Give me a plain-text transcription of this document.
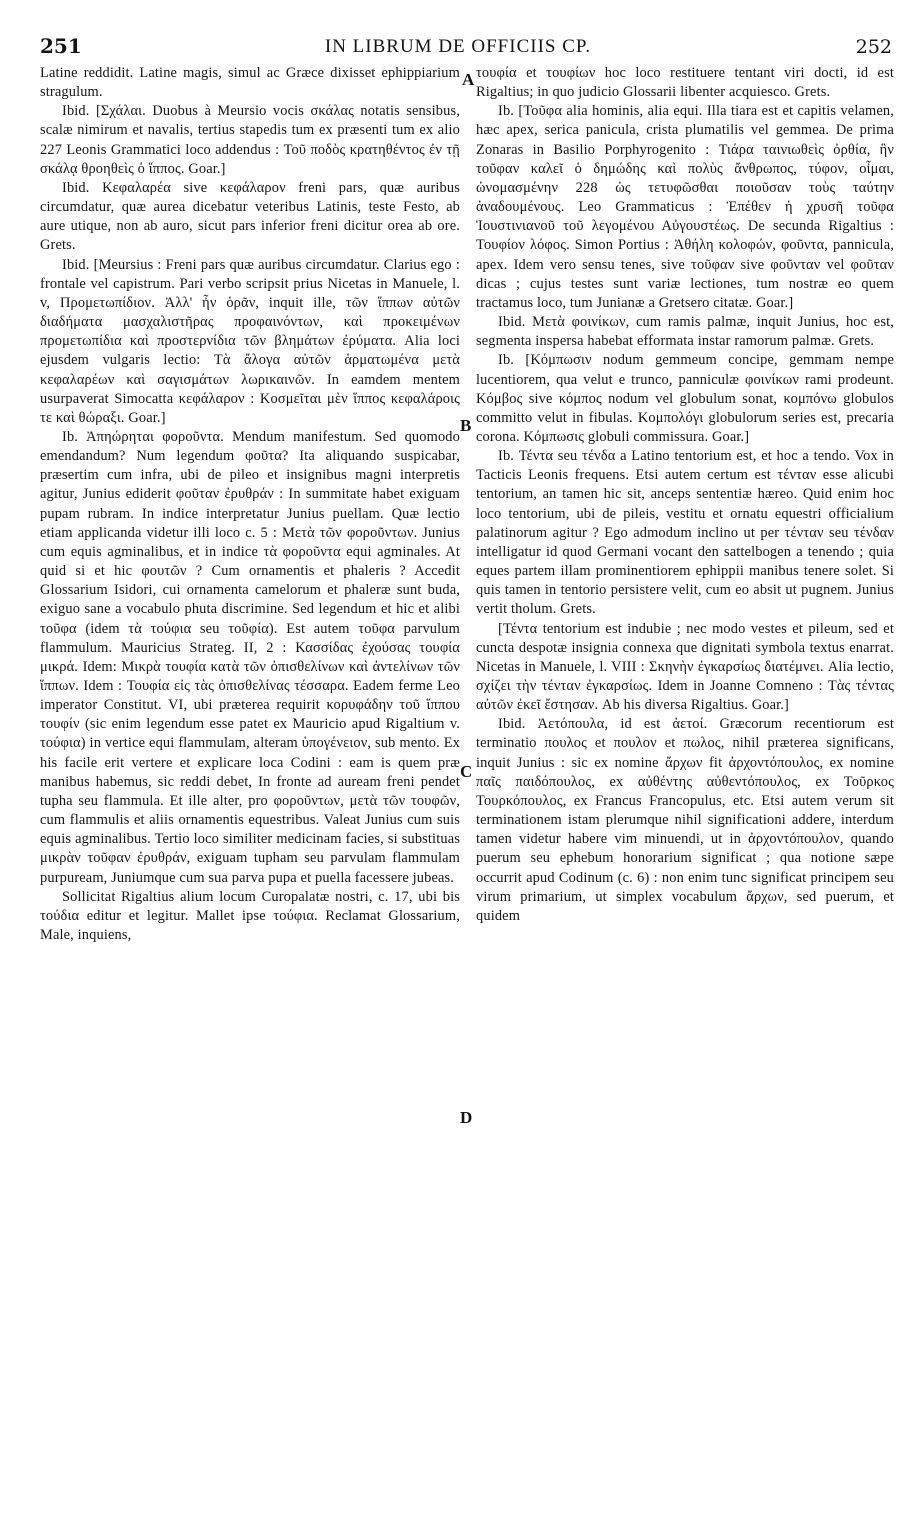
251	IN LIBRUM DE OFFICIIS CP.	252

Latine reddidit. Latine magis, simul ac Græce dixisset ephippiarium stragulum.

Ibid. [Σχάλαι. Duobus à Meursio vocis σκάλας notatis sensibus, scalæ nimirum et navalis, tertius stapedis tum ex præsenti tum ex alio 227 Leonis Grammatici loco addendus : Τοῦ ποδὸς κρατηθέντος ἐν τῇ σκάλᾳ θροηθεὶς ὁ ἵππος. Goar.]

Ibid. Κεφαλαρέα sive κεφάλαρον freni pars, quæ auribus circumdatur, quæ aurea dicebatur veteribus Latinis, teste Festo, ab aure utique, non ab auro, sicut pars inferior freni dicitur orea ab ore. Grets.

Ibid. [Meursius : Freni pars quæ auribus circumdatur. Clarius ego : frontale vel capistrum. Pari verbo scripsit prius Nicetas in Manuele, l. v, Προμετωπίδιον. Ἀλλ' ἦν ὁρᾶν, inquit ille, τῶν ἵππων αὐτῶν διαδήματα μασχαλιστῆρας προφαινόντων, καὶ προκειμένων προμετωπίδια καὶ προστερνίδια τῶν βλημάτων ἐρύματα. Alia loci ejusdem vulgaris lectio: Τὰ ἄλογα αὐτῶν ἁρματωμένα μετὰ κεφαλαρέων καὶ σαγισμάτων λωρικαινῶν. In eamdem mentem usurpaverat Simocatta κεφάλαρον : Κοσμεῖται μὲν ἵππος κεφαλάροις τε καὶ θώραξι. Goar.]

Ib. Ἀπηώρηται φοροῦντα. Mendum manifestum. Sed quomodo emendandum? Num legendum φοῦτα? Ita aliquando suspicabar, præsertim cum infra, ubi de pileo et insignibus magni interpretis agitur, Junius ediderit φοῦταν ἐρυθράν : In summitate habet exiguam pupam rubram. In indice interpretatur Junius puellam. Quæ lectio etiam applicanda videtur illi loco c. 5 : Μετὰ τῶν φοροῦντων. Junius cum equis agminalibus, et in indice τὰ φοροῦντα equi agminales. At quid si et hic φουτῶν ? Cum ornamentis et phaleris ? Accedit Glossarium Isidori, cui ornamenta camelorum et phaleræ sunt buda, exiguo sane a vocabulo phuta discrimine. Sed legendum et hic et alibi τοῦφα (idem τὰ τούφια seu τοῦφία). Est autem τοῦφα parvulum flammulum. Mauricius Strateg. II, 2 : Κασσίδας ἐχούσας τουφία μικρά. Idem: Μικρὰ τουφία κατὰ τῶν ὀπισθελίνων καὶ ἀντελίνων τῶν ἵππων. Idem : Τουφία εἰς τὰς ὀπισθελίνας τέσσαρα. Eadem ferme Leo imperator Constitut. VI, ubi præterea requirit κορυφάδην τοῦ ἵππου τουφίν (sic enim legendum esse patet ex Mauricio apud Rigaltium v. τούφια) in vertice equi flammulam, alteram ὑπογένειον, sub mento. Ex his facile erit vertere et explicare loca Codini : eam is quem præ manibus habemus, sic reddi debet, In fronte ad auream freni pendet tupha seu flammula. Et ille alter, pro φοροῦντων, μετὰ τῶν τουφῶν, cum flammulis et aliis ornamentis equestribus. Valeat Junius cum suis equis agminalibus. Tertio loco similiter medicinam facies, si substituas μικρὰν τοῦφαν ἐρυθράν, exiguam tupham seu parvulam flammulam purpuream, Juniumque cum sua parva pupa et puella facessere jubeas.

Sollicitat Rigaltius alium locum Curopalatæ nostri, c. 17, ubi bis τούδια editur et legitur. Mallet ipse τούφια. Reclamat Glossarium, Male, inquiens,

τουφία et τουφίων hoc loco restituere tentant viri docti, id est Rigaltius; in quo judicio Glossarii libenter acquiesco. Grets.

Ib. [Τοῦφα alia hominis, alia equi. Illa tiara est et capitis velamen, hæc apex, serica panicula, crista plumatilis vel gemmea. De prima Zonaras in Basilio Porphyrogenito : Τιάρα ταινιωθεὶς ὀρθία, ἣν τοῦφαν καλεῖ ὁ δημώδης καὶ πολὺς ἄνθρωπος, τύφον, οἶμαι, ὠνομασμένην 228 ὡς τετυφῶσθαι ποιοῦσαν τοὺς ταύτην ἀναδουμένους. Leo Grammaticus : Ἐπέθεν ἡ χρυσῆ τοῦφα Ἰουστινιανοῦ τοῦ λεγομένου Αὐγουστέως. De secunda Rigaltius : Τουφίον λόφος. Simon Portius : Ἀθήλη κολοφών, φοῦντα, pannicula, apex. Idem vero sensu tenes, sive τοῦφαν sive φοῦνταν vel φοῦταν dicas ; cujus testes sunt variæ lectiones, tum nostræ eo quem tractamus loco, tum Junianæ a Gretsero citatæ. Goar.]

Ibid. Μετὰ φοινίκων, cum ramis palmæ, inquit Junius, hoc est, segmenta inspersa habebat efformata instar ramorum palmæ. Grets.

Ib. [Κόμπωσιν nodum gemmeum concipe, gemmam nempe lucentiorem, qua velut e trunco, panniculæ φοινίκων rami prodeunt. Κόμβος sive κόμπος nodum vel globulum sonat, κομπόνω globulos committo velut in fibulas. Κομπολόγι globulorum series est, precaria corona. Κόμπωσις globuli commissura. Goar.]

Ib. Τέντα seu τένδα a Latino tentorium est, et hoc a tendo. Vox in Tacticis Leonis frequens. Etsi autem certum est τένταν esse alicubi tentorium, an tamen hic sit, anceps sententiæ hæreo. Quid enim hoc loco tentorium, ubi de pileis, vestitu et ornatu equestri officialium palatinorum agitur ? Ego admodum inclino ut per τένταν seu τένδαν intelligatur id quod Germani vocant den sattelbogen a tenendo ; quia eques partem illam prominentiorem ephippii manibus tenere solet. Si quis tamen in tentorio persistere velit, cum eo absit ut pugnem. Junius vertit tholum. Grets.

[Τέντα tentorium est indubie ; nec modo vestes et pileum, sed et cuncta despotæ insignia connexa que dignitati symbola textus enarrat. Nicetas in Manuele, l. VIII : Σκηνὴν ἐγκαρσίως διατέμνει. Alia lectio, σχίζει τὴν τένταν ἐγκαρσίως. Idem in Joanne Comneno : Τὰς τέντας αὐτῶν ἐκεῖ ἔστησαν. Ab his diversa Rigaltius. Goar.]

Ibid. Ἀετόπουλα, id est ἀετοί. Græcorum recentiorum est terminatio πουλος et πουλον et πωλος, nihil præterea significans, inquit Junius : sic ex nomine ἄρχων fit ἀρχοντόπουλος, ex nomine παῖς παιδόπουλος, ex αὐθέντης αὐθεντόπουλος, ex Τοῦρκος Τουρκόπουλος, ex Francus Francopulus, etc. Etsi autem verum sit terminationem istam plerumque nihil significationi addere, interdum tamen videtur habere vim minuendi, ut in ἀρχοντόπουλον, quando puerum seu ephebum honorarium significat ; qua notione sæpe occurrit apud Codinum (c. 6) : non enim tunc significat principem seu virum primarium, ut simplex vocabulum ἄρχων, sed puerum, et quidem

A
B
C
D
